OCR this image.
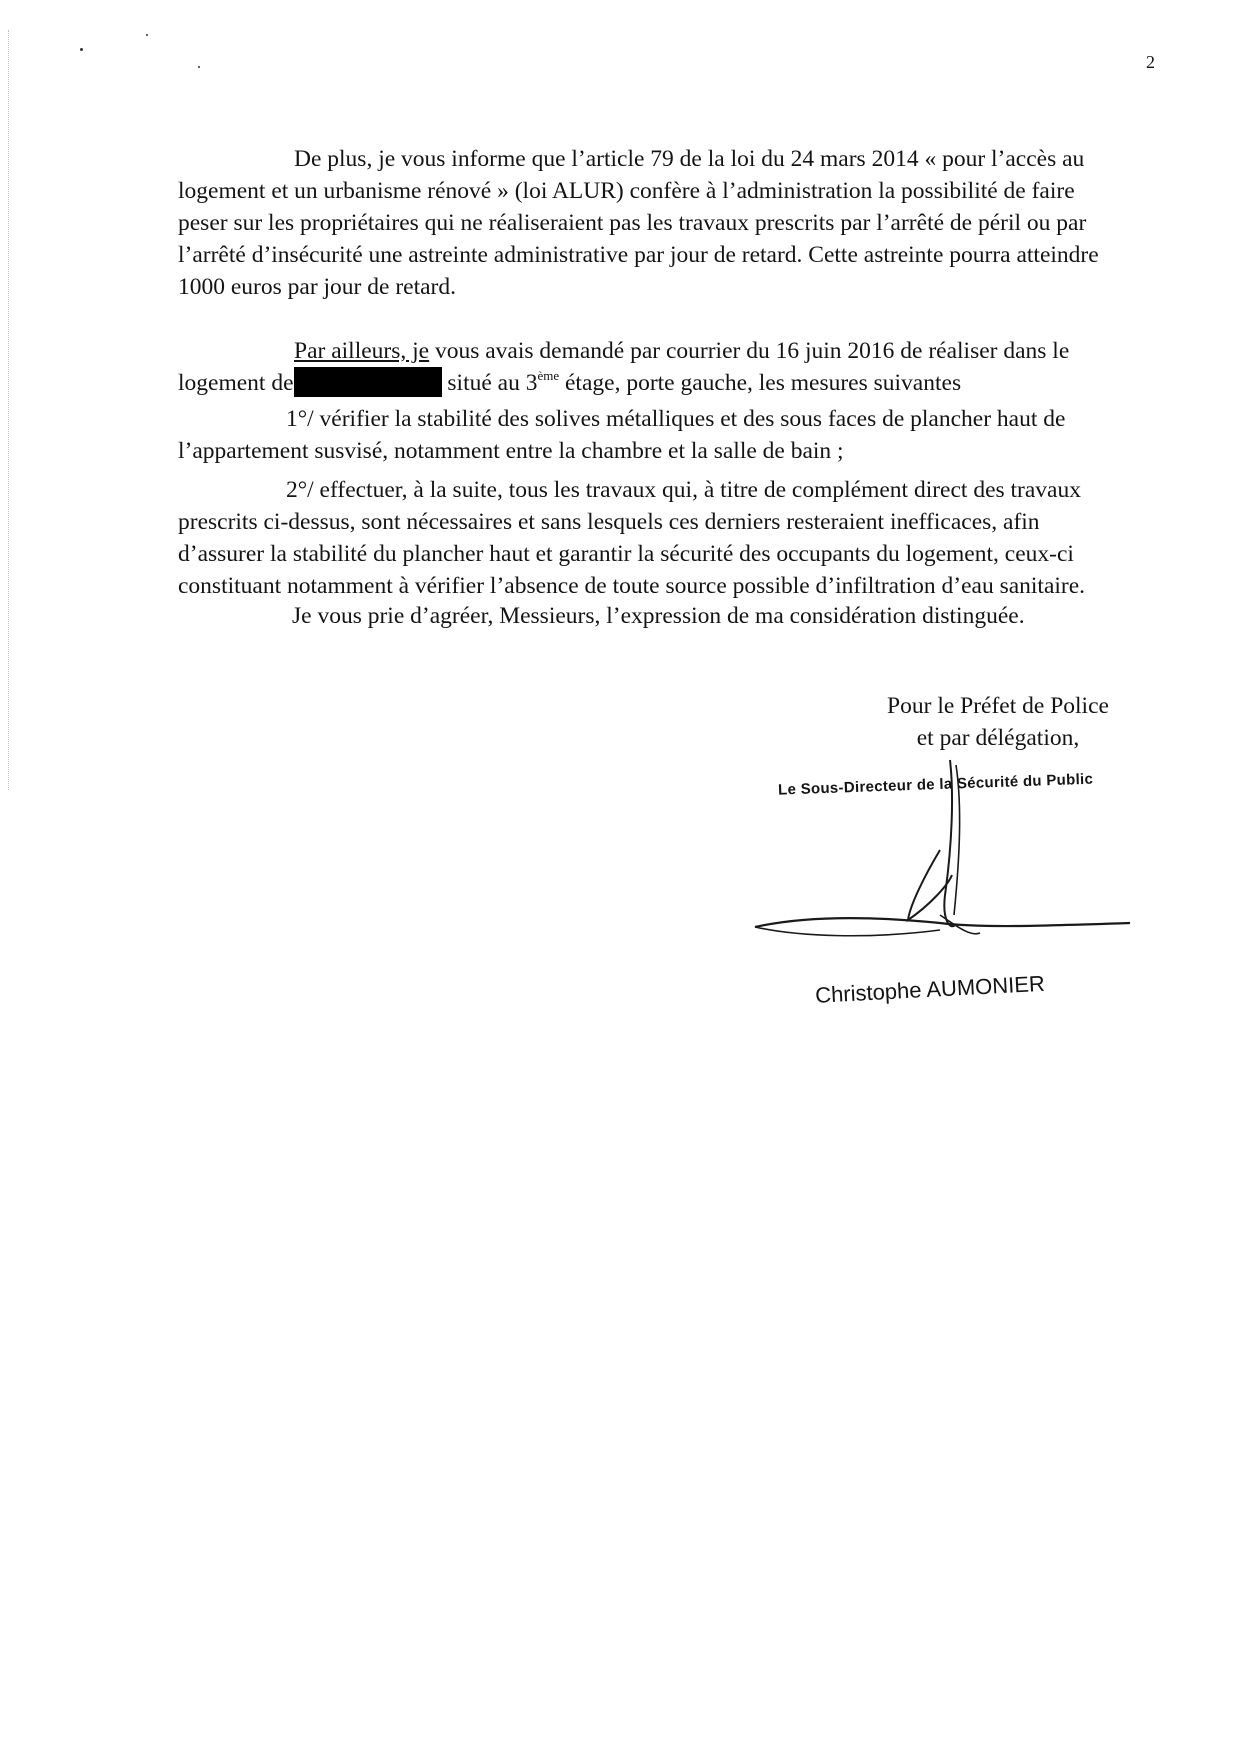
2
De plus, je vous informe que l’article 79 de la loi du 24 mars 2014 « pour l’accès au
logement et un urbanisme rénové » (loi ALUR) confère à l’administration la possibilité de faire
peser sur les propriétaires qui ne réaliseraient pas les travaux prescrits par l’arrêté de péril ou par
l’arrêté d’insécurité une astreinte administrative par jour de retard. Cette astreinte pourra atteindre
1000 euros par jour de retard.
Par ailleurs, je vous avais demandé par courrier du 16 juin 2016 de réaliser dans le
logement de	situé au 3ème étage, porte gauche, les mesures suivantes
1°/ vérifier la stabilité des solives métalliques et des sous faces de plancher haut de
l’appartement susvisé, notamment entre la chambre et la salle de bain ;
2°/ effectuer, à la suite, tous les travaux qui, à titre de complément direct des travaux
prescrits ci-dessus, sont nécessaires et sans lesquels ces derniers resteraient inefficaces, afin
d’assurer la stabilité du plancher haut et garantir la sécurité des occupants du logement, ceux-ci
constituant notamment à vérifier l’absence de toute source possible d’infiltration d’eau sanitaire.
Je vous prie d’agréer, Messieurs, l’expression de ma considération distinguée.
Pour le Préfet de Police
et par délégation,
Le Sous-Directeur de la Sécurité du Public
Christophe AUMONIER
